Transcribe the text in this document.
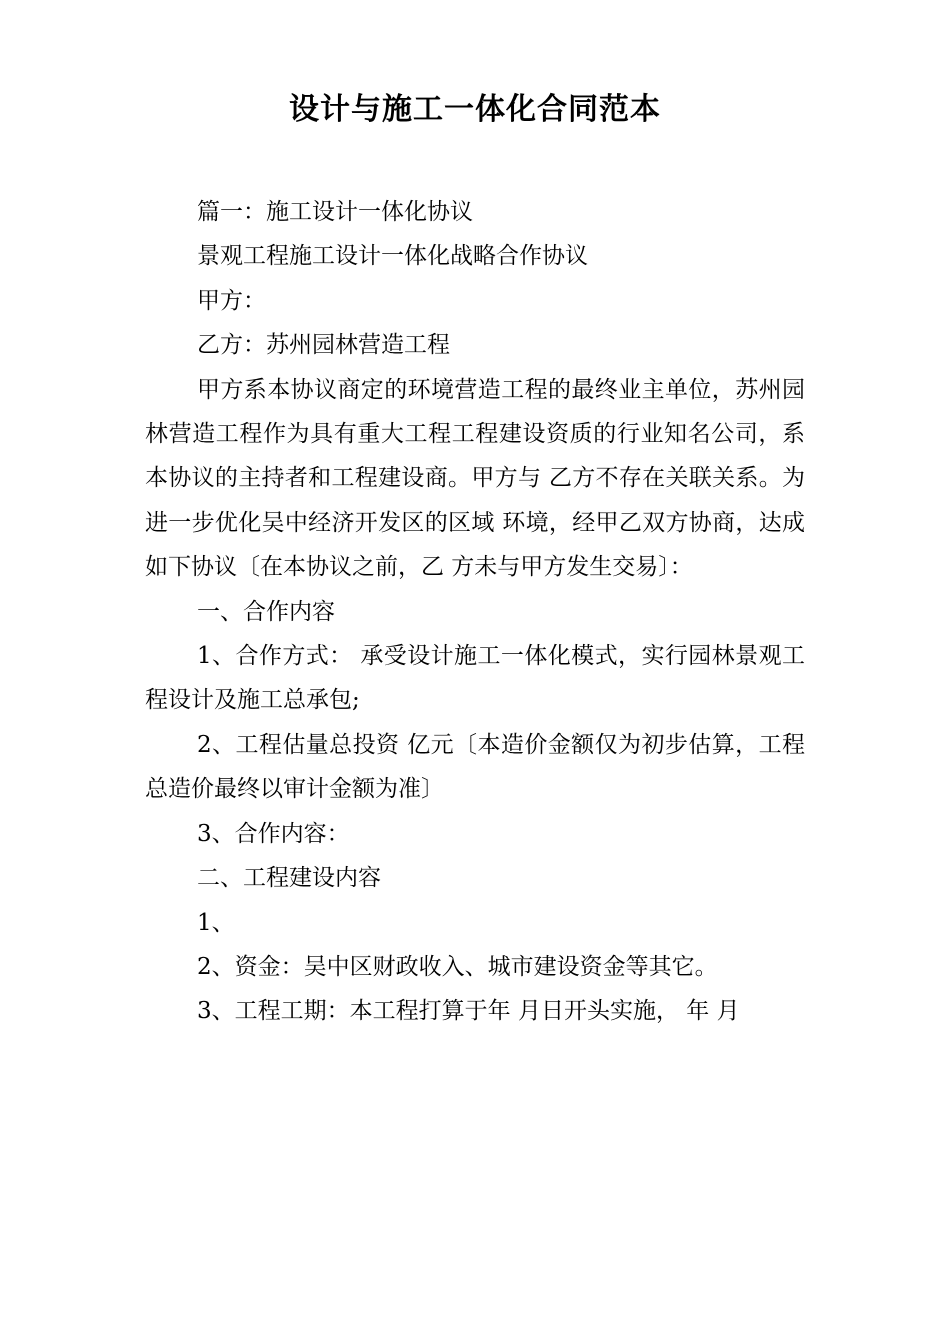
设计与施工一体化合同范本

篇一：施工设计一体化协议

景观工程施工设计一体化战略合作协议

甲方：

乙方：苏州园林营造工程

甲方系本协议商定的环境营造工程的最终业主单位，苏州园林营造工程作为具有重大工程工程建设资质的行业知名公司，系本协议的主持者和工程建设商。甲方与 乙方不存在关联关系。为进一步优化吴中经济开发区的区域 环境，经甲乙双方协商，达成如下协议〔在本协议之前，乙 方未与甲方发生交易〕：

一、合作内容

1、合作方式： 承受设计施工一体化模式，实行园林景观工程设计及施工总承包;

2、工程估量总投资 亿元〔本造价金额仅为初步估算，工程总造价最终以审计金额为准〕

3、合作内容：

二、工程建设内容

1、

2、资金：吴中区财政收入、城市建设资金等其它。

3、工程工期：本工程打算于年 月日开头实施， 年 月
